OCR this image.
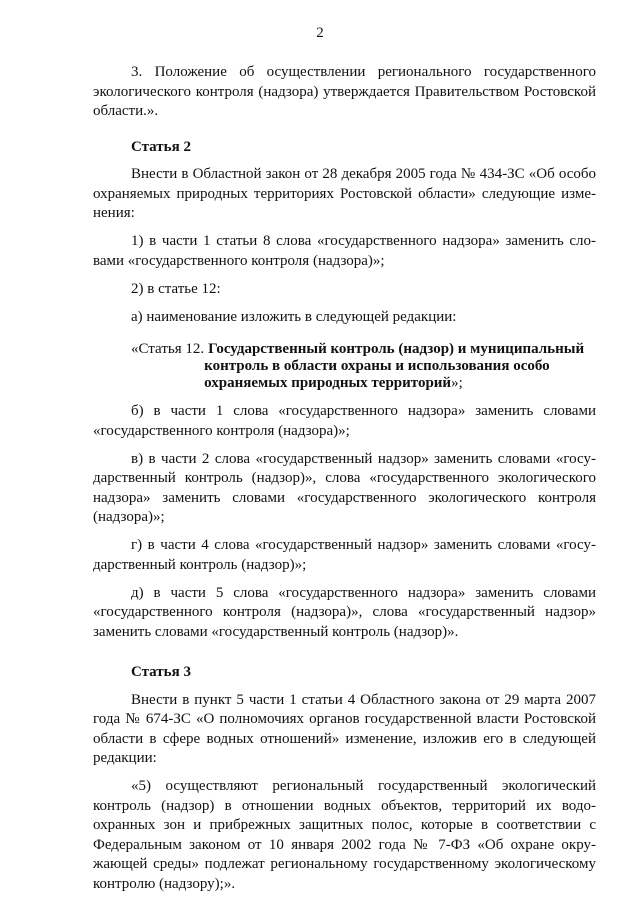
2

3. Положение об осуществлении регионального государственного экологического контроля (надзора) утверждается Правительством Ростовской области.».

Статья 2

Внести в Областной закон от 28 декабря 2005 года № 434-ЗС «Об особо охраняемых природных территориях Ростовской области» следующие изменения:

1) в части 1 статьи 8 слова «государственного надзора» заменить словами «государственного контроля (надзора)»;

2) в статье 12:

а) наименование изложить в следующей редакции:

«Статья 12. Государственный контроль (надзор) и муниципальный контроль в области охраны и использования особо охраняемых природных территорий»;

б) в части 1 слова «государственного надзора» заменить словами «государственного контроля (надзора)»;

в) в части 2 слова «государственный надзор» заменить словами «государственный контроль (надзор)», слова «государственного экологического надзора» заменить словами «государственного экологического контроля (надзора)»;

г) в части 4 слова «государственный надзор» заменить словами «государственный контроль (надзор)»;

д) в части 5 слова «государственного надзора» заменить словами «государственного контроля (надзора)», слова «государственный надзор» заменить словами «государственный контроль (надзор)».

Статья 3

Внести в пункт 5 части 1 статьи 4 Областного закона от 29 марта 2007 года № 674-ЗС «О полномочиях органов государственной власти Ростовской области в сфере водных отношений» изменение, изложив его в следующей редакции:

«5) осуществляют региональный государственный экологический контроль (надзор) в отношении водных объектов, территорий их водоохранных зон и прибрежных защитных полос, которые в соответствии с Федеральным законом от 10 января 2002 года № 7-ФЗ «Об охране окружающей среды» подлежат региональному государственному экологическому контролю (надзору);».
